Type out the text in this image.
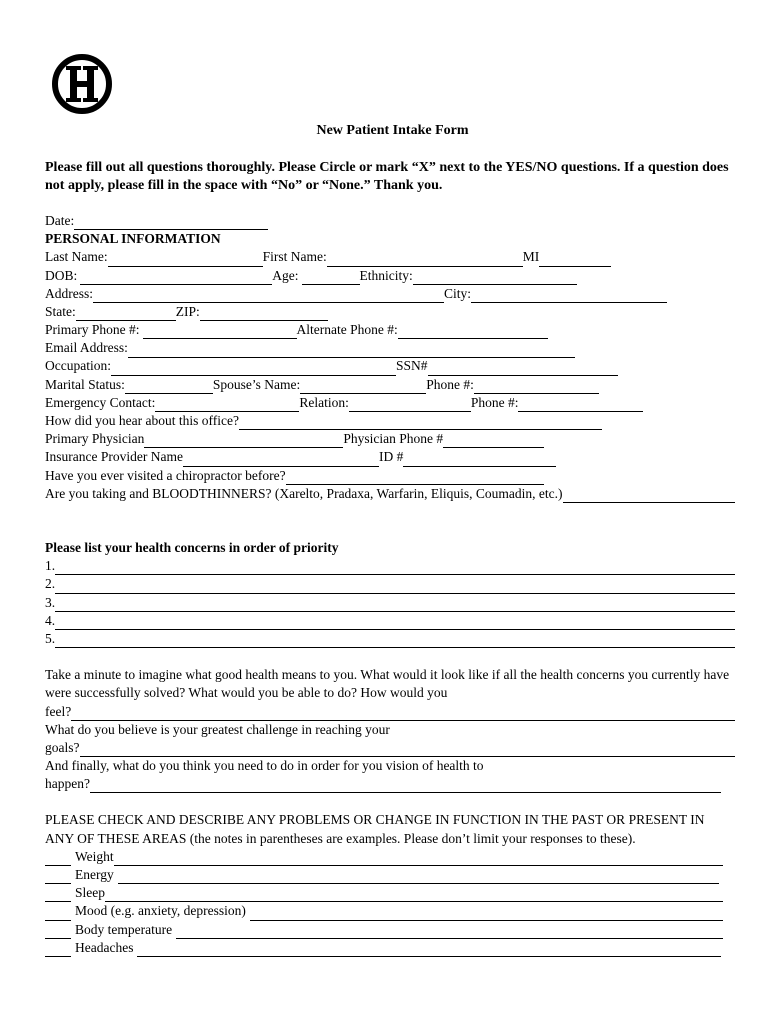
New Patient Intake Form
Please fill out all questions thoroughly. Please Circle or mark “X” next to the YES/NO questions. If a question does not apply, please fill in the space with “No” or “None.” Thank you.
Date:
PERSONAL INFORMATION
Last Name:	First Name:	MI
DOB:	Age:	Ethnicity:
Address:	City:
State:	ZIP:
Primary Phone #:	Alternate Phone #:
Email Address:
Occupation:	SSN#
Marital Status:	Spouse’s Name:	Phone #:
Emergency Contact:	Relation:	Phone #:
How did you hear about this office?
Primary Physician	Physician Phone #
Insurance Provider Name	ID #
Have you ever visited a chiropractor before?
Are you taking and BLOODTHINNERS? (Xarelto, Pradaxa, Warfarin, Eliquis, Coumadin, etc.)
Please list your health concerns in order of priority
1.
2.
3.
4.
5.
Take a minute to imagine what good health means to you. What would it look like if all the health concerns you currently have were successfully solved? What would you be able to do? How would you
feel?
What do you believe is your greatest challenge in reaching your
goals?
And finally, what do you think you need to do in order for you vision of health to
happen?
PLEASE CHECK AND DESCRIBE ANY PROBLEMS OR CHANGE IN FUNCTION IN THE PAST OR PRESENT IN ANY OF THESE AREAS (the notes in parentheses are examples. Please don’t limit your responses to these).
Weight
Energy
Sleep
Mood (e.g. anxiety, depression)
Body temperature
Headaches
